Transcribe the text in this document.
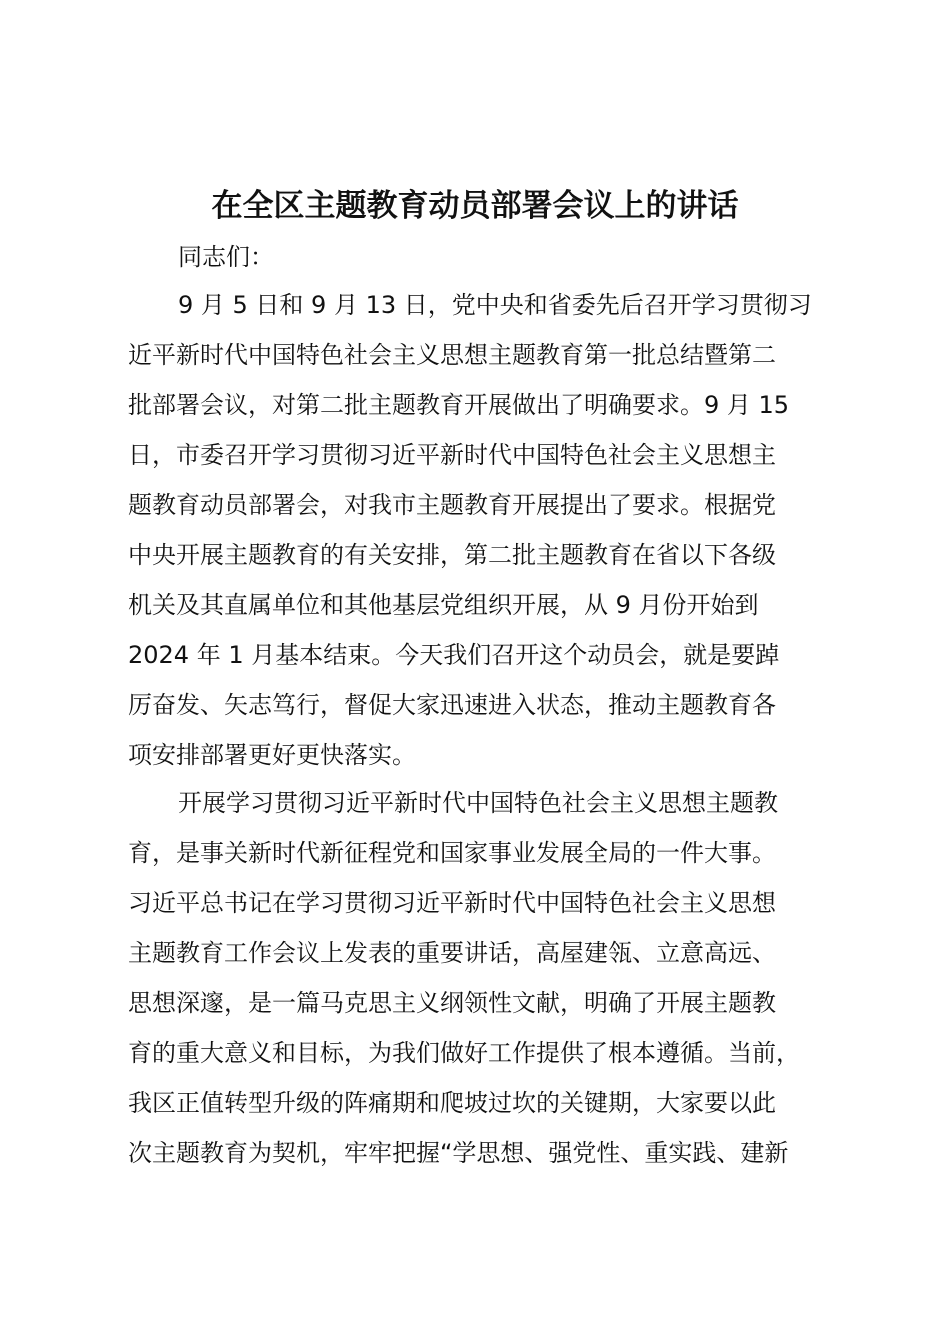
在全区主题教育动员部署会议上的讲话

同志们：

9 月 5 日和 9 月 13 日，党中央和省委先后召开学习贯彻习
近平新时代中国特色社会主义思想主题教育第一批总结暨第二
批部署会议，对第二批主题教育开展做出了明确要求。9 月 15
日，市委召开学习贯彻习近平新时代中国特色社会主义思想主
题教育动员部署会，对我市主题教育开展提出了要求。根据党
中央开展主题教育的有关安排，第二批主题教育在省以下各级
机关及其直属单位和其他基层党组织开展，从 9 月份开始到
2024 年 1 月基本结束。今天我们召开这个动员会，就是要踔
厉奋发、矢志笃行，督促大家迅速进入状态，推动主题教育各
项安排部署更好更快落实。
开展学习贯彻习近平新时代中国特色社会主义思想主题教
育，是事关新时代新征程党和国家事业发展全局的一件大事。
习近平总书记在学习贯彻习近平新时代中国特色社会主义思想
主题教育工作会议上发表的重要讲话，高屋建瓴、立意高远、
思想深邃，是一篇马克思主义纲领性文献，明确了开展主题教
育的重大意义和目标，为我们做好工作提供了根本遵循。当前，
我区正值转型升级的阵痛期和爬坡过坎的关键期，大家要以此
次主题教育为契机，牢牢把握“学思想、强党性、重实践、建新
